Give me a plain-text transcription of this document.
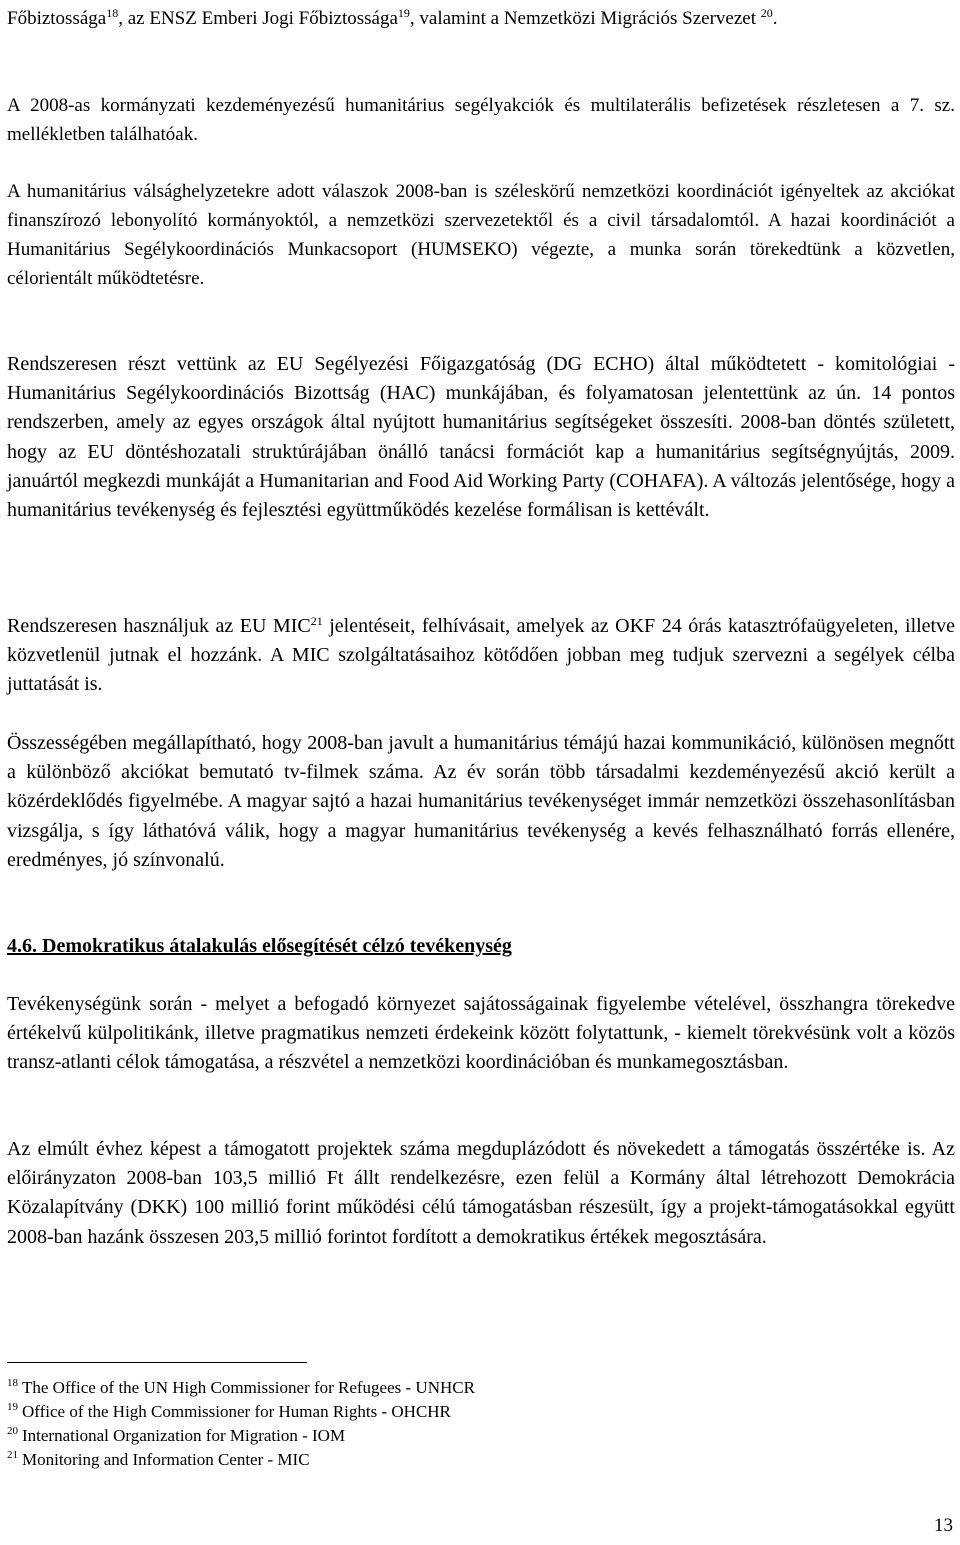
Főbiztossága$^{18}$, az ENSZ Emberi Jogi Főbiztossága$^{19}$, valamint a Nemzetközi Migrációs Szervezet $^{20}$.

A 2008-as kormányzati kezdeményezésű humanitárius segélyakciók és multilaterális befizetések részletesen a 7. sz. mellékletben találhatóak.

A humanitárius válsághelyzetekre adott válaszok 2008-ban is széleskörű nemzetközi koordinációt igényeltek az akciókat finanszírozó lebonyolító kormányoktól, a nemzetközi szervezetektől és a civil társadalomtól. A hazai koordinációt a Humanitárius Segélykoordinációs Munkacsoport (HUMSEKO) végezte, a munka során törekedtünk a közvetlen, célorientált működtetésre.

Rendszeresen részt vettünk az EU Segélyezési Főigazgatóság (DG ECHO) által működtetett - komitológiai - Humanitárius Segélykoordinációs Bizottság (HAC) munkájában, és folyamatosan jelentettünk az ún. 14 pontos rendszerben, amely az egyes országok által nyújtott humanitárius segítségeket összesíti. 2008-ban döntés született, hogy az EU döntéshozatali struktúrájában önálló tanácsi formációt kap a humanitárius segítségnyújtás, 2009. januártól megkezdi munkáját a Humanitarian and Food Aid Working Party (COHAFA). A változás jelentősége, hogy a humanitárius tevékenység és fejlesztési együttműködés kezelése formálisan is kettévált.

Rendszeresen használjuk az EU MIC$^{21}$ jelentéseit, felhívásait, amelyek az OKF 24 órás katasztrófaügyeleten, illetve közvetlenül jutnak el hozzánk. A MIC szolgáltatásaihoz kötődően jobban meg tudjuk szervezni a segélyek célba juttatását is.

Összességében megállapítható, hogy 2008-ban javult a humanitárius témájú hazai kommunikáció, különösen megnőtt a különböző akciókat bemutató tv-filmek száma. Az év során több társadalmi kezdeményezésű akció került a közérdeklődés figyelmébe. A magyar sajtó a hazai humanitárius tevékenységet immár nemzetközi összehasonlításban vizsgálja, s így láthatóvá válik, hogy a magyar humanitárius tevékenység a kevés felhasználható forrás ellenére, eredményes, jó színvonalú.

4.6. Demokratikus átalakulás elősegítését célzó tevékenység

Tevékenységünk során - melyet a befogadó környezet sajátosságainak figyelembe vételével, összhangra törekedve értékelvű külpolitikánk, illetve pragmatikus nemzeti érdekeink között folytattunk, - kiemelt törekvésünk volt a közös transz-atlanti célok támogatása, a részvétel a nemzetközi koordinációban és munkamegosztásban.

Az elmúlt évhez képest a támogatott projektek száma megduplázódott és növekedett a támogatás összértéke is. Az előirányzaton 2008-ban 103,5 millió Ft állt rendelkezésre, ezen felül a Kormány által létrehozott Demokrácia Közalapítvány (DKK) 100 millió forint működési célú támogatásban részesült, így a projekt-támogatásokkal együtt 2008-ban hazánk összesen 203,5 millió forintot fordított a demokratikus értékek megosztására.

$^{18}$ The Office of the UN High Commissioner for Refugees - UNHCR
$^{19}$ Office of the High Commissioner for Human Rights - OHCHR
$^{20}$ International Organization for Migration - IOM
$^{21}$ Monitoring and Information Center - MIC
13
